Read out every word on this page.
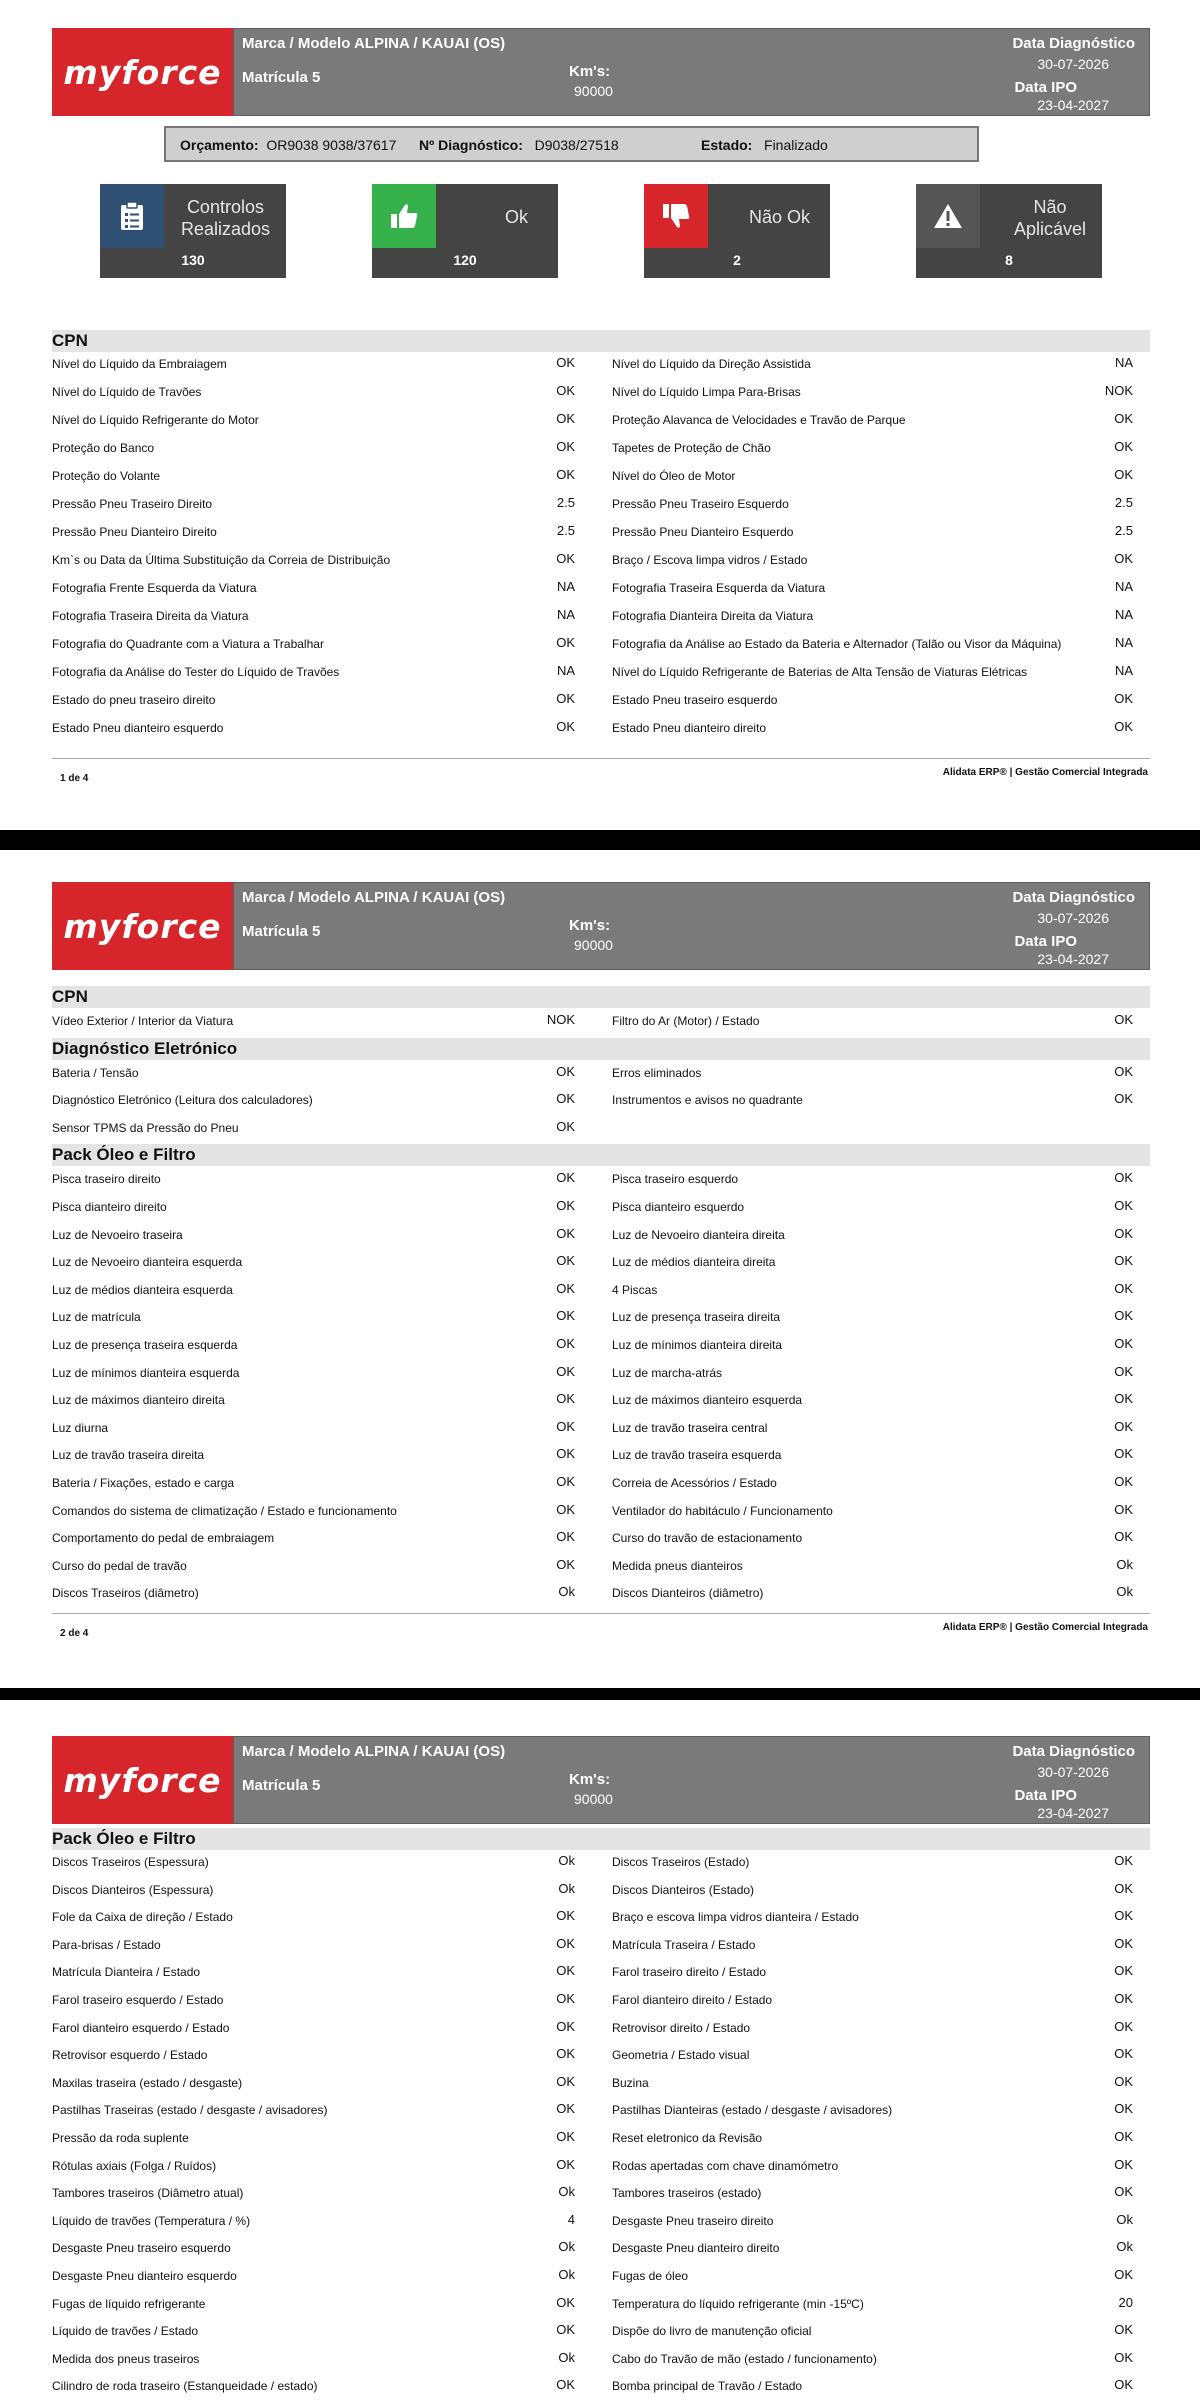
myforce
Marca / Modelo ALPINA / KAUAI (OS)
Matrícula 5	Km's:
90000
Data Diagnóstico
30-07-2026
Data IPO
23-04-2027
Orçamento: OR9038 9038/37617 Nº Diagnóstico: D9038/27518	Estado: Finalizado
Controlos
Realizados
130
Ok
120
Não Ok
2
Não
Aplicável
8
CPN
Nível do Líquido da Embraiagem	OK	Nível do Líquido da Direção Assistida	NA
Nível do Líquido de Travões	OK	Nível do Líquido Limpa Para-Brisas	NOK
Nível do Líquido Refrigerante do Motor	OK	Proteção Alavanca de Velocidades e Travão de Parque	OK
Proteção do Banco	OK	Tapetes de Proteção de Chão	OK
Proteção do Volante	OK	Nível do Óleo de Motor	OK
Pressão Pneu Traseiro Direito	2.5	Pressão Pneu Traseiro Esquerdo	2.5
Pressão Pneu Dianteiro Direito	2.5	Pressão Pneu Dianteiro Esquerdo	2.5
Km`s ou Data da Última Substituição da Correia de Distribuição	OK	Braço / Escova limpa vidros / Estado	OK
Fotografia Frente Esquerda da Viatura	NA	Fotografia Traseira Esquerda da Viatura	NA
Fotografia Traseira Direita da Viatura	NA	Fotografia Dianteira Direita da Viatura	NA
Fotografia do Quadrante com a Viatura a Trabalhar	OK	Fotografia da Análise ao Estado da Bateria e Alternador (Talão ou Visor da Máquina)	NA
Fotografia da Análise do Tester do Líquido de Travões	NA	Nível do Líquido Refrigerante de Baterias de Alta Tensão de Viaturas Elétricas	NA
Estado do pneu traseiro direito	OK	Estado Pneu traseiro esquerdo	OK
Estado Pneu dianteiro esquerdo	OK	Estado Pneu dianteiro direito	OK
1 de 4
Alidata ERP® | Gestão Comercial Integrada
myforce
Marca / Modelo ALPINA / KAUAI (OS)
Matrícula 5	Km's:
90000
Data Diagnóstico
30-07-2026
Data IPO
23-04-2027
CPN
Vídeo Exterior / Interior da Viatura	NOK	Filtro do Ar (Motor) / Estado	OK
Diagnóstico Eletrónico
Bateria / Tensão	OK	Erros eliminados	OK
Diagnóstico Eletrónico (Leitura dos calculadores)	OK	Instrumentos e avisos no quadrante	OK
Sensor TPMS da Pressão do Pneu	OK
Pack Óleo e Filtro
Pisca traseiro direito	OK	Pisca traseiro esquerdo	OK
Pisca dianteiro direito	OK	Pisca dianteiro esquerdo	OK
Luz de Nevoeiro traseira	OK	Luz de Nevoeiro dianteira direita	OK
Luz de Nevoeiro dianteira esquerda	OK	Luz de médios dianteira direita	OK
Luz de médios dianteira esquerda	OK	4 Piscas	OK
Luz de matrícula	OK	Luz de presença traseira direita	OK
Luz de presença traseira esquerda	OK	Luz de mínimos dianteira direita	OK
Luz de mínimos dianteira esquerda	OK	Luz de marcha-atrás	OK
Luz de máximos dianteiro direita	OK	Luz de máximos dianteiro esquerda	OK
Luz diurna	OK	Luz de travão traseira central	OK
Luz de travão traseira direita	OK	Luz de travão traseira esquerda	OK
Bateria / Fixações, estado e carga	OK	Correia de Acessórios / Estado	OK
Comandos do sistema de climatização / Estado e funcionamento	OK	Ventilador do habitáculo / Funcionamento	OK
Comportamento do pedal de embraiagem	OK	Curso do travão de estacionamento	OK
Curso do pedal de travão	OK	Medida pneus dianteiros	Ok
Discos Traseiros (diâmetro)	Ok	Discos Dianteiros (diâmetro)	Ok
2 de 4
Alidata ERP® | Gestão Comercial Integrada
myforce
Marca / Modelo ALPINA / KAUAI (OS)
Matrícula 5	Km's:
90000
Data Diagnóstico
30-07-2026
Data IPO
23-04-2027
Pack Óleo e Filtro
Discos Traseiros (Espessura)	Ok	Discos Traseiros (Estado)	OK
Discos Dianteiros (Espessura)	Ok	Discos Dianteiros (Estado)	OK
Fole da Caixa de direção / Estado	OK	Braço e escova limpa vidros dianteira / Estado	OK
Para-brisas / Estado	OK	Matrícula Traseira / Estado	OK
Matrícula Dianteira / Estado	OK	Farol traseiro direito / Estado	OK
Farol traseiro esquerdo / Estado	OK	Farol dianteiro direito / Estado	OK
Farol dianteiro esquerdo / Estado	OK	Retrovisor direito / Estado	OK
Retrovisor esquerdo / Estado	OK	Geometria / Estado visual	OK
Maxilas traseira (estado / desgaste)	OK	Buzina	OK
Pastilhas Traseiras (estado / desgaste / avisadores)	OK	Pastilhas Dianteiras (estado / desgaste / avisadores)	OK
Pressão da roda suplente	OK	Reset eletronico da Revisão	OK
Rótulas axiais (Folga / Ruídos)	OK	Rodas apertadas com chave dinamómetro	OK
Tambores traseiros (Diâmetro atual)	Ok	Tambores traseiros (estado)	OK
Líquido de travões (Temperatura / %)	4	Desgaste Pneu traseiro direito	Ok
Desgaste Pneu traseiro esquerdo	Ok	Desgaste Pneu dianteiro direito	Ok
Desgaste Pneu dianteiro esquerdo	Ok	Fugas de óleo	OK
Fugas de líquido refrigerante	OK	Temperatura do líquido refrigerante (min -15ºC)	20
Líquido de travões / Estado	OK	Dispõe do livro de manutenção oficial	OK
Medida dos pneus traseiros	Ok	Cabo do Travão de mão (estado / funcionamento)	OK
Cilindro de roda traseiro (Estanqueidade / estado)	OK	Bomba principal de Travão / Estado	OK
